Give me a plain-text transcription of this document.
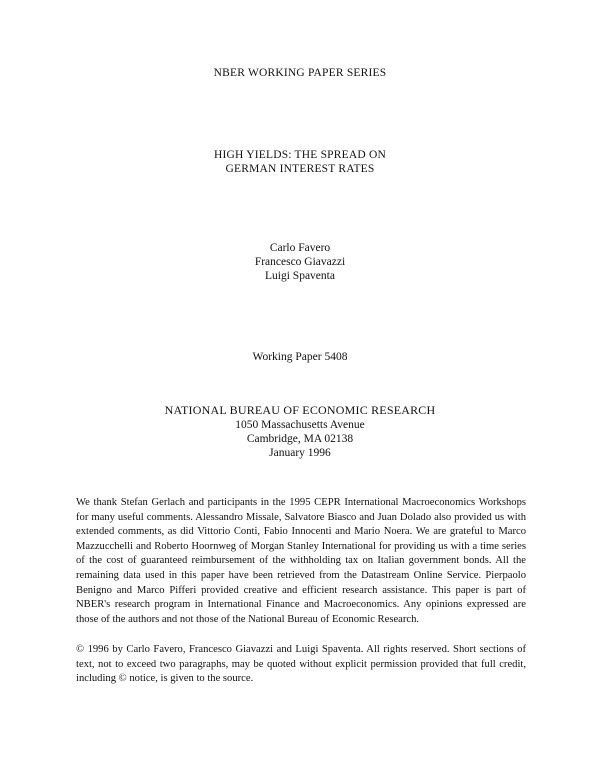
NBER WORKING PAPER SERIES
HIGH YIELDS: THE SPREAD ON
GERMAN INTEREST RATES
Carlo Favero
Francesco Giavazzi
Luigi Spaventa
Working Paper 5408
NATIONAL BUREAU OF ECONOMIC RESEARCH
1050 Massachusetts Avenue
Cambridge, MA 02138
January 1996

We thank Stefan Gerlach and participants in the 1995 CEPR International Macroeconomics Workshops for many useful comments. Alessandro Missale, Salvatore Biasco and Juan Dolado also provided us with extended comments, as did Vittorio Conti, Fabio Innocenti and Mario Noera. We are grateful to Marco Mazzucchelli and Roberto Hoornweg of Morgan Stanley International for providing us with a time series of the cost of guaranteed reimbursement of the withholding tax on Italian government bonds. All the remaining data used in this paper have been retrieved from the Datastream Online Service. Pierpaolo Benigno and Marco Pifferi provided creative and efficient research assistance. This paper is part of NBER's research program in International Finance and Macroeconomics. Any opinions expressed are those of the authors and not those of the National Bureau of Economic Research.

© 1996 by Carlo Favero, Francesco Giavazzi and Luigi Spaventa. All rights reserved. Short sections of text, not to exceed two paragraphs, may be quoted without explicit permission provided that full credit, including © notice, is given to the source.
